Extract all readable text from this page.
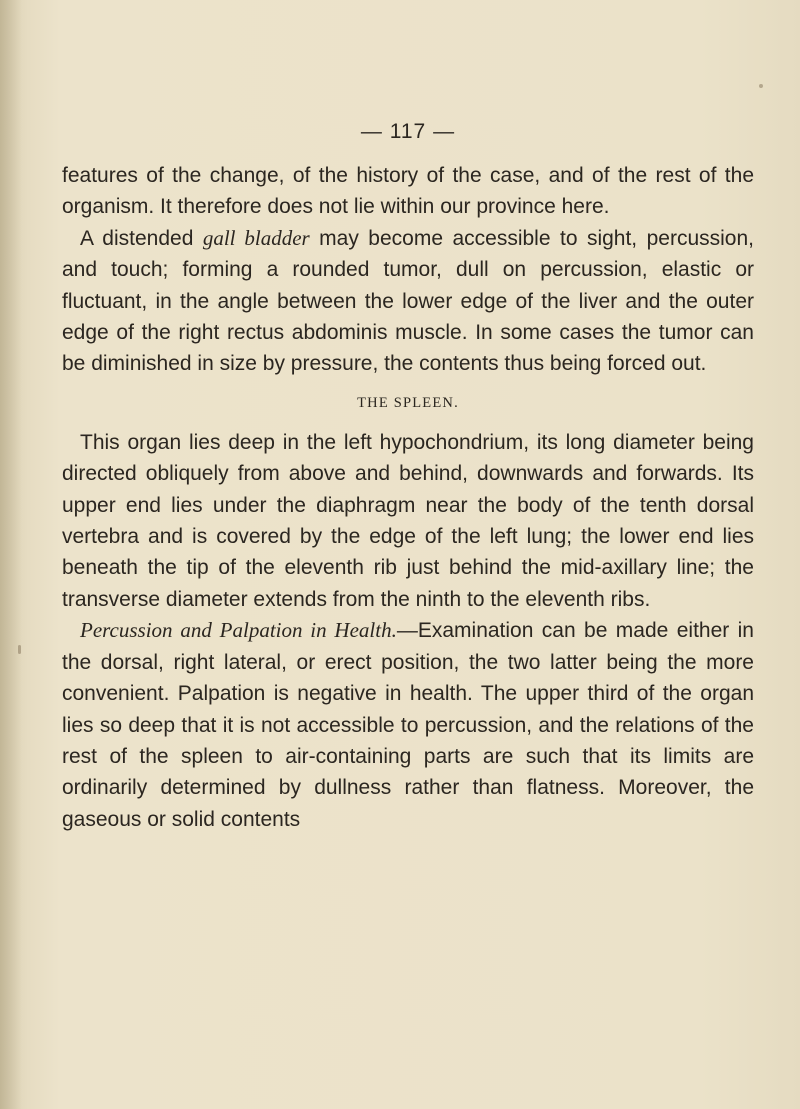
— 117 —

features of the change, of the history of the case, and of the rest of the organism. It therefore does not lie within our province here.

A distended gall bladder may become accessible to sight, percussion, and touch; forming a rounded tumor, dull on percussion, elastic or fluctuant, in the angle between the lower edge of the liver and the outer edge of the right rectus abdominis muscle. In some cases the tumor can be diminished in size by pressure, the contents thus being forced out.

THE SPLEEN.

This organ lies deep in the left hypochondrium, its long diameter being directed obliquely from above and behind, downwards and forwards. Its upper end lies under the diaphragm near the body of the tenth dorsal vertebra and is covered by the edge of the left lung; the lower end lies beneath the tip of the eleventh rib just behind the mid-axillary line; the transverse diameter extends from the ninth to the eleventh ribs.

Percussion and Palpation in Health.—Examination can be made either in the dorsal, right lateral, or erect position, the two latter being the more convenient. Palpation is negative in health. The upper third of the organ lies so deep that it is not accessible to percussion, and the relations of the rest of the spleen to air-containing parts are such that its limits are ordinarily determined by dullness rather than flatness. Moreover, the gaseous or solid contents
